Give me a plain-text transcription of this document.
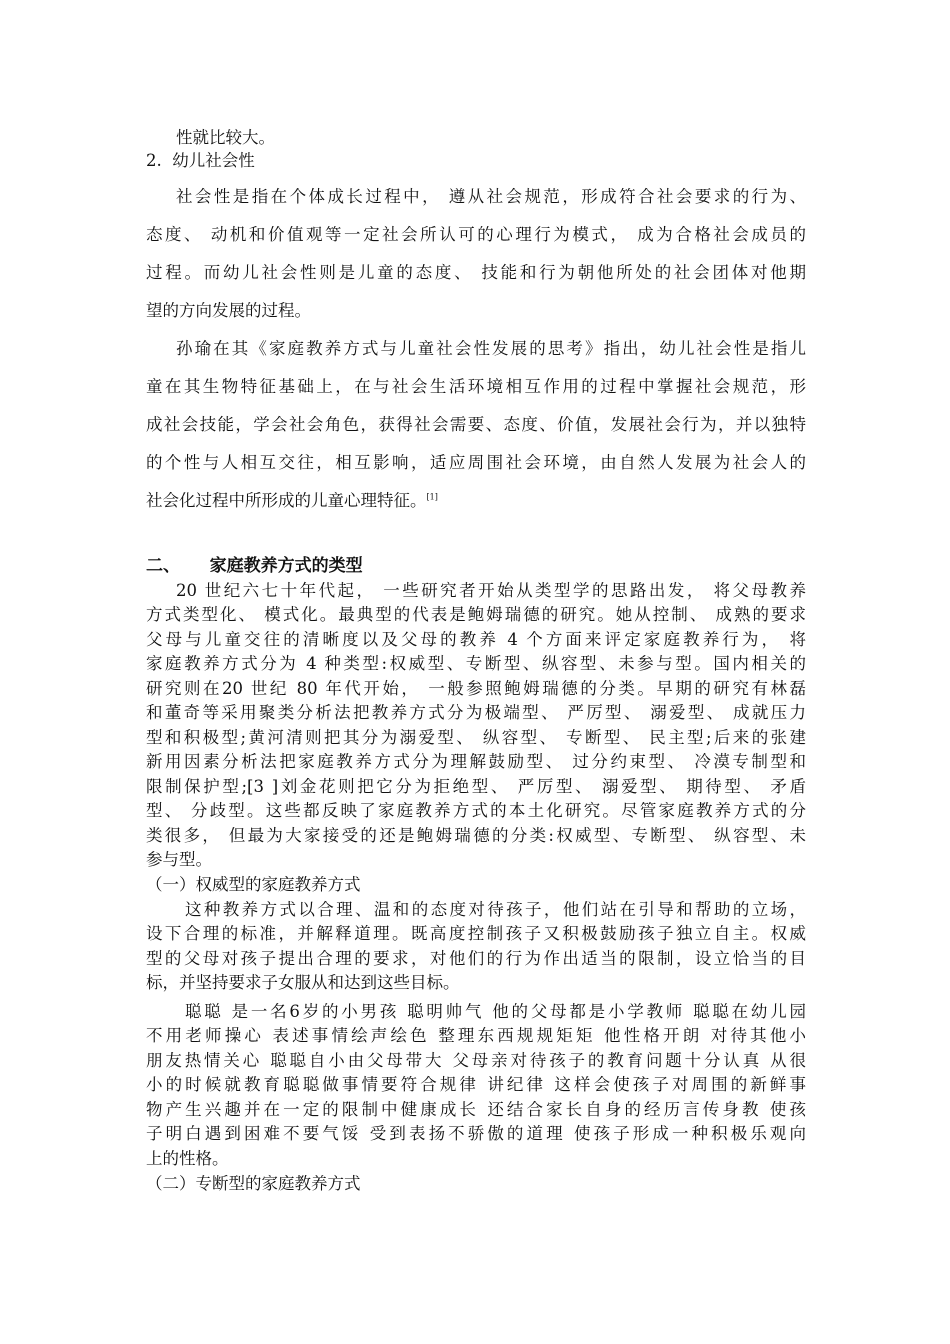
性就比较大。
2. 幼儿社会性
社会性是指在个体成长过程中， 遵从社会规范，形成符合社会要求的行为、
态度、 动机和价值观等一定社会所认可的心理行为模式， 成为合格社会成员的
过程。而幼儿社会性则是儿童的态度、 技能和行为朝他所处的社会团体对他期
望的方向发展的过程。
孙瑜在其《家庭教养方式与儿童社会性发展的思考》指出，幼儿社会性是指儿
童在其生物特征基础上，在与社会生活环境相互作用的过程中掌握社会规范，形
成社会技能，学会社会角色，获得社会需要、态度、价值，发展社会行为，并以独特
的个性与人相互交往，相互影响，适应周围社会环境，由自然人发展为社会人的
社会化过程中所形成的儿童心理特征。[1]
二、 家庭教养方式的类型
20 世纪六七十年代起， 一些研究者开始从类型学的思路出发， 将父母教养
方式类型化、 模式化。最典型的代表是鲍姆瑞德的研究。她从控制、 成熟的要求
父母与儿童交往的清晰度以及父母的教养 4 个方面来评定家庭教养行为， 将
家庭教养方式分为 4 种类型:权威型、专断型、纵容型、未参与型。国内相关的
研究则在20 世纪 80 年代开始， 一般参照鲍姆瑞德的分类。早期的研究有林磊
和董奇等采用聚类分析法把教养方式分为极端型、 严厉型、 溺爱型、 成就压力
型和积极型;黄河清则把其分为溺爱型、 纵容型、 专断型、 民主型;后来的张建
新用因素分析法把家庭教养方式分为理解鼓励型、 过分约束型、 冷漠专制型和
限制保护型;[3 ]刘金花则把它分为拒绝型、 严厉型、 溺爱型、 期待型、 矛盾
型、 分歧型。这些都反映了家庭教养方式的本土化研究。尽管家庭教养方式的分
类很多， 但最为大家接受的还是鲍姆瑞德的分类:权威型、专断型、 纵容型、未
参与型。
（一）权威型的家庭教养方式
这种教养方式以合理、温和的态度对待孩子，他们站在引导和帮助的立场，
设下合理的标准，并解释道理。既高度控制孩子又积极鼓励孩子独立自主。权威
型的父母对孩子提出合理的要求，对他们的行为作出适当的限制，设立恰当的目
标，并坚持要求子女服从和达到这些目标。
聪聪 是一名6岁的小男孩 聪明帅气 他的父母都是小学教师 聪聪在幼儿园
不用老师操心 表述事情绘声绘色 整理东西规规矩矩 他性格开朗 对待其他小
朋友热情关心 聪聪自小由父母带大 父母亲对待孩子的教育问题十分认真 从很
小的时候就教育聪聪做事情要符合规律 讲纪律 这样会使孩子对周围的新鲜事
物产生兴趣并在一定的限制中健康成长 还结合家长自身的经历言传身教 使孩
子明白遇到困难不要气馁 受到表扬不骄傲的道理 使孩子形成一种积极乐观向
上的性格。
（二）专断型的家庭教养方式
